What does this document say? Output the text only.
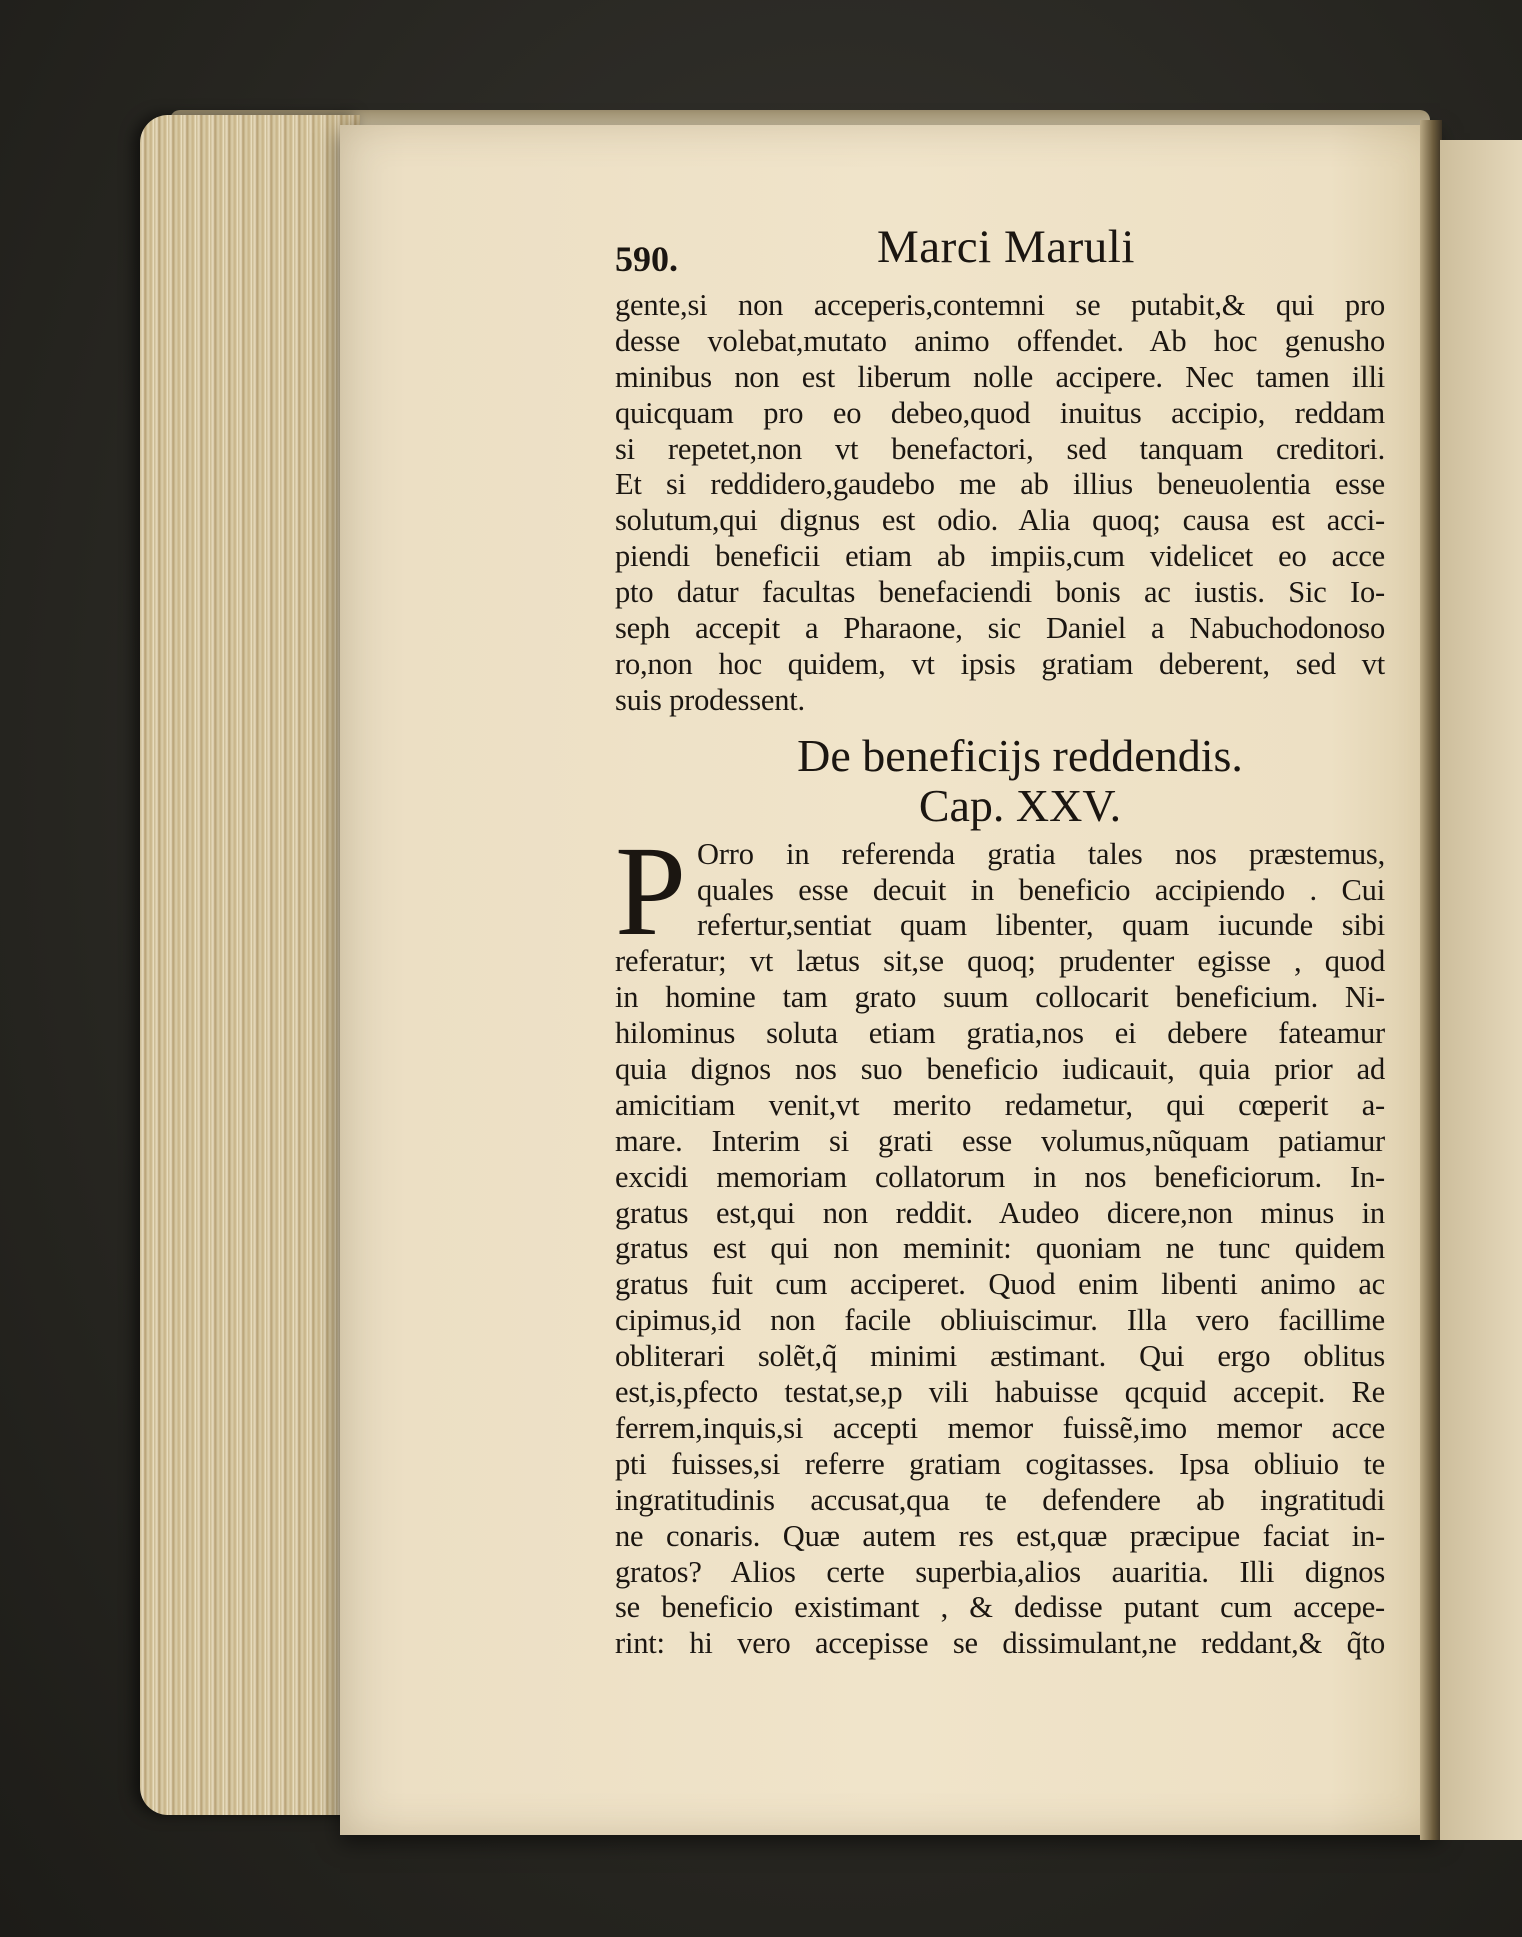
590.	Marci Maruli
gente,si non acceperis,contemni se putabit,& qui pro
desse volebat,mutato animo offendet. Ab hoc genusho
minibus non est liberum nolle accipere. Nec tamen illi
quicquam pro eo debeo,quod inuitus accipio, reddam
si repetet,non vt benefactori, sed tanquam creditori.
Et si reddidero,gaudebo me ab illius beneuolentia esse
solutum,qui dignus est odio. Alia quoq; causa est acci-
piendi beneficii etiam ab impiis,cum videlicet eo acce
pto datur facultas benefaciendi bonis ac iustis. Sic Io-
seph accepit a Pharaone, sic Daniel a Nabuchodonoso
ro,non hoc quidem, vt ipsis gratiam deberent, sed vt
suis prodessent.
De beneficijs reddendis.
Cap. XXV.
P Orro in referenda gratia tales nos præstemus,
quales esse decuit in beneficio accipiendo . Cui
refertur,sentiat quam libenter, quam iucunde sibi
referatur; vt lætus sit,se quoq; prudenter egisse , quod
in homine tam grato suum collocarit beneficium. Ni-
hilominus soluta etiam gratia,nos ei debere fateamur
quia dignos nos suo beneficio iudicauit, quia prior ad
amicitiam venit,vt merito redametur, qui cœperit a-
mare. Interim si grati esse volumus,nũquam patiamur
excidi memoriam collatorum in nos beneficiorum. In-
gratus est,qui non reddit. Audeo dicere,non minus in
gratus est qui non meminit: quoniam ne tunc quidem
gratus fuit cum acciperet. Quod enim libenti animo ac
cipimus,id non facile obliuiscimur. Illa vero facillime
obliterari solẽt,q̃ minimi æstimant. Qui ergo oblitus
est,is,pfecto testat,se,p vili habuisse qcquid accepit. Re
ferrem,inquis,si accepti memor fuissẽ,imo memor acce
pti fuisses,si referre gratiam cogitasses. Ipsa obliuio te
ingratitudinis accusat,qua te defendere ab ingratitudi
ne conaris. Quæ autem res est,quæ præcipue faciat in-
gratos? Alios certe superbia,alios auaritia. Illi dignos
se beneficio existimant , & dedisse putant cum accepe-
rint: hi vero accepisse se dissimulant,ne reddant,& q̃to
